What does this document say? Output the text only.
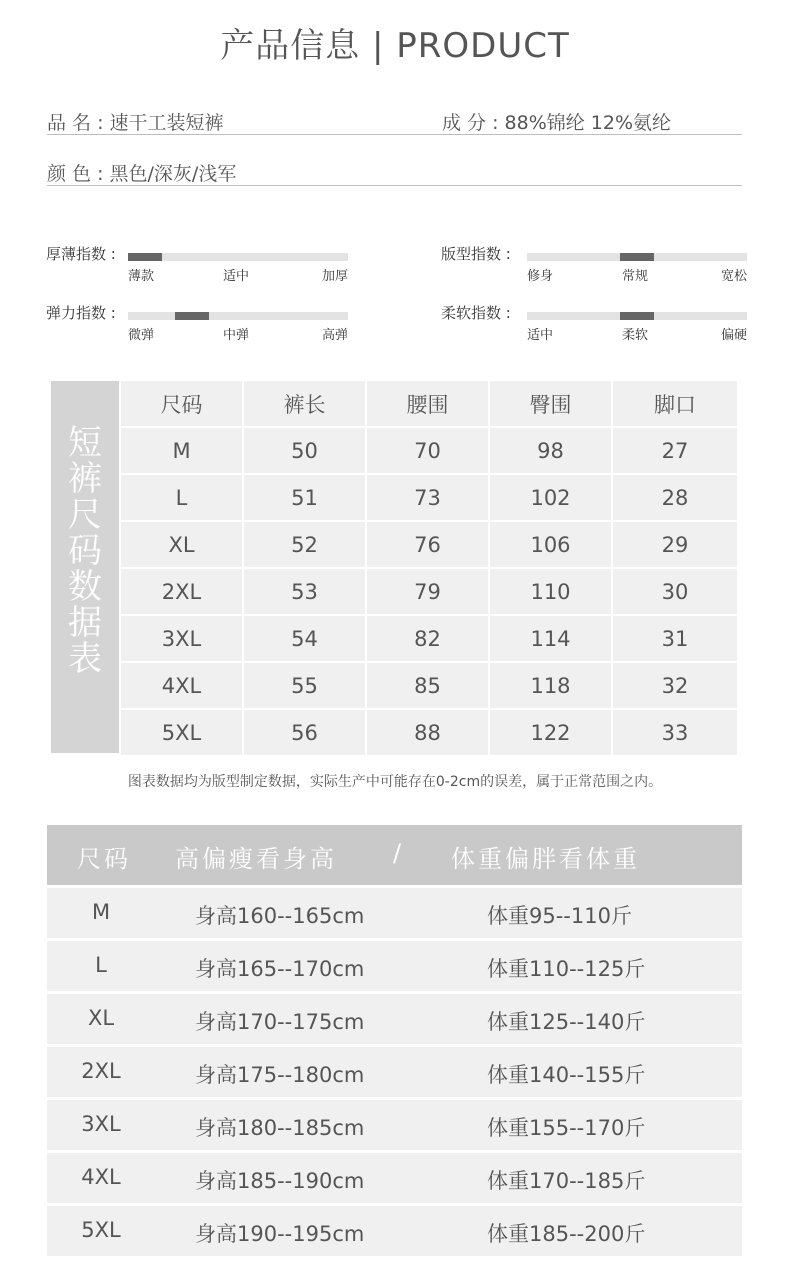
产品信息 | PRODUCT
品 名 : 速干工装短裤	成 分 : 88%锦纶 12%氨纶
颜 色 : 黑色/深灰/浅军
厚薄指数 :
薄款	适中	加厚
版型指数 :
修身	常规	宽松
弹力指数 :
微弹	中弹	高弹
柔软指数 :
适中	柔软	偏硬
短裤尺码数据表
尺码	裤长	腰围	臀围	脚口
M	50	70	98	27
L	51	73	102	28
XL	52	76	106	29
2XL	53	79	110	30
3XL	54	82	114	31
4XL	55	85	118	32
5XL	56	88	122	33
图表数据均为版型制定数据，实际生产中可能存在0-2cm的误差，属于正常范围之内。
尺码 高偏瘦看身高 / 体重偏胖看体重
M	身高160--165cm	体重95--110斤
L	身高165--170cm	体重110--125斤
XL	身高170--175cm	体重125--140斤
2XL	身高175--180cm	体重140--155斤
3XL	身高180--185cm	体重155--170斤
4XL	身高185--190cm	体重170--185斤
5XL	身高190--195cm	体重185--200斤
